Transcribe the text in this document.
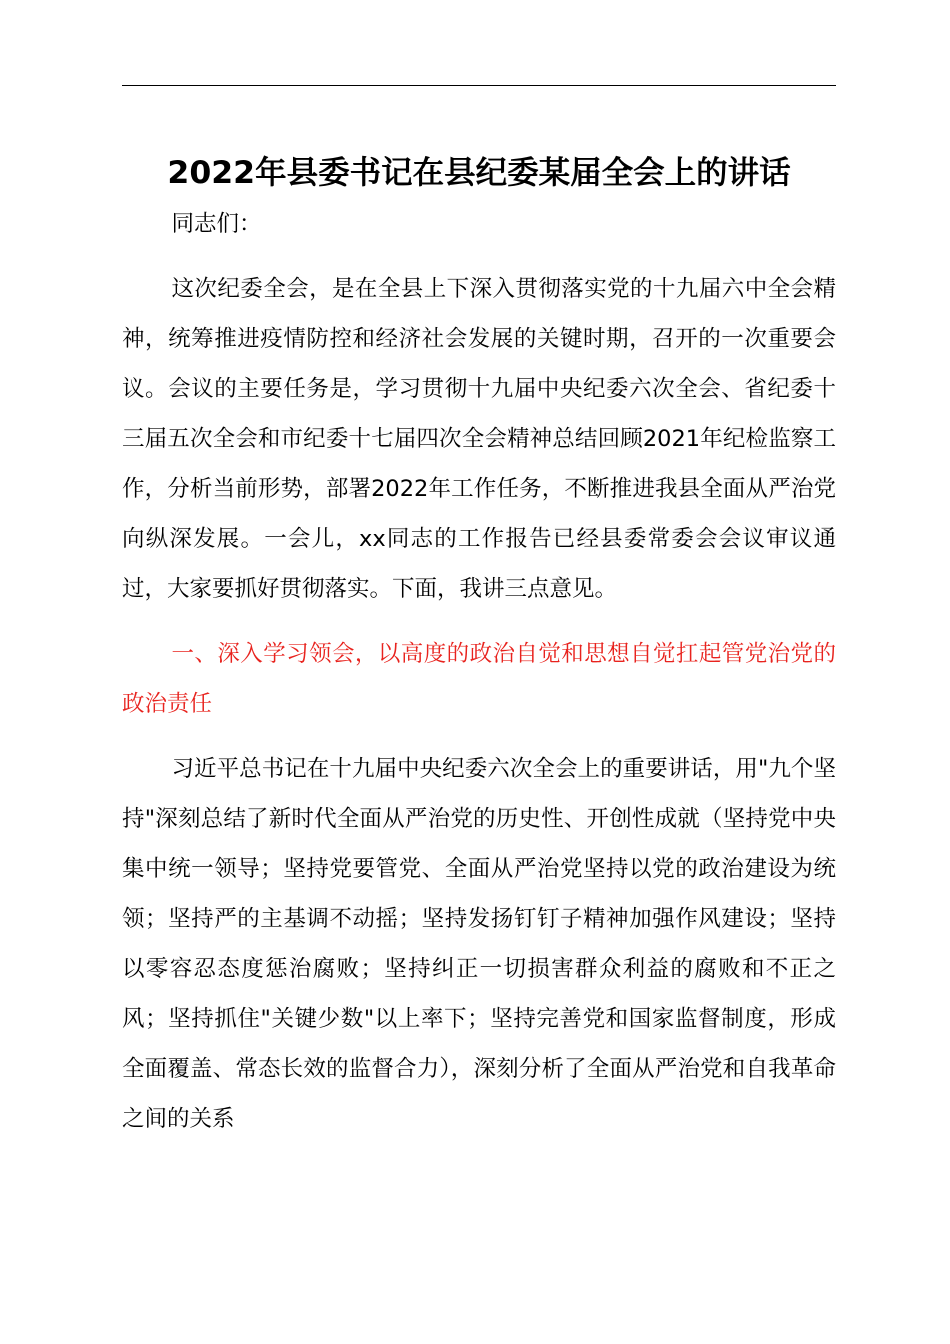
2022年县委书记在县纪委某届全会上的讲话

同志们：

这次纪委全会，是在全县上下深入贯彻落实党的十九届六中全会精神，统筹推进疫情防控和经济社会发展的关键时期，召开的一次重要会议。会议的主要任务是，学习贯彻十九届中央纪委六次全会、省纪委十三届五次全会和市纪委十七届四次全会精神总结回顾2021年纪检监察工作，分析当前形势，部署2022年工作任务，不断推进我县全面从严治党向纵深发展。一会儿，xx同志的工作报告已经县委常委会会议审议通过，大家要抓好贯彻落实。下面，我讲三点意见。

一、深入学习领会，以高度的政治自觉和思想自觉扛起管党治党的政治责任

习近平总书记在十九届中央纪委六次全会上的重要讲话，用"九个坚持"深刻总结了新时代全面从严治党的历史性、开创性成就（坚持党中央集中统一领导；坚持党要管党、全面从严治党坚持以党的政治建设为统领；坚持严的主基调不动摇；坚持发扬钉钉子精神加强作风建设；坚持以零容忍态度惩治腐败；坚持纠正一切损害群众利益的腐败和不正之风；坚持抓住"关键少数"以上率下；坚持完善党和国家监督制度，形成全面覆盖、常态长效的监督合力），深刻分析了全面从严治党和自我革命之间的关系
